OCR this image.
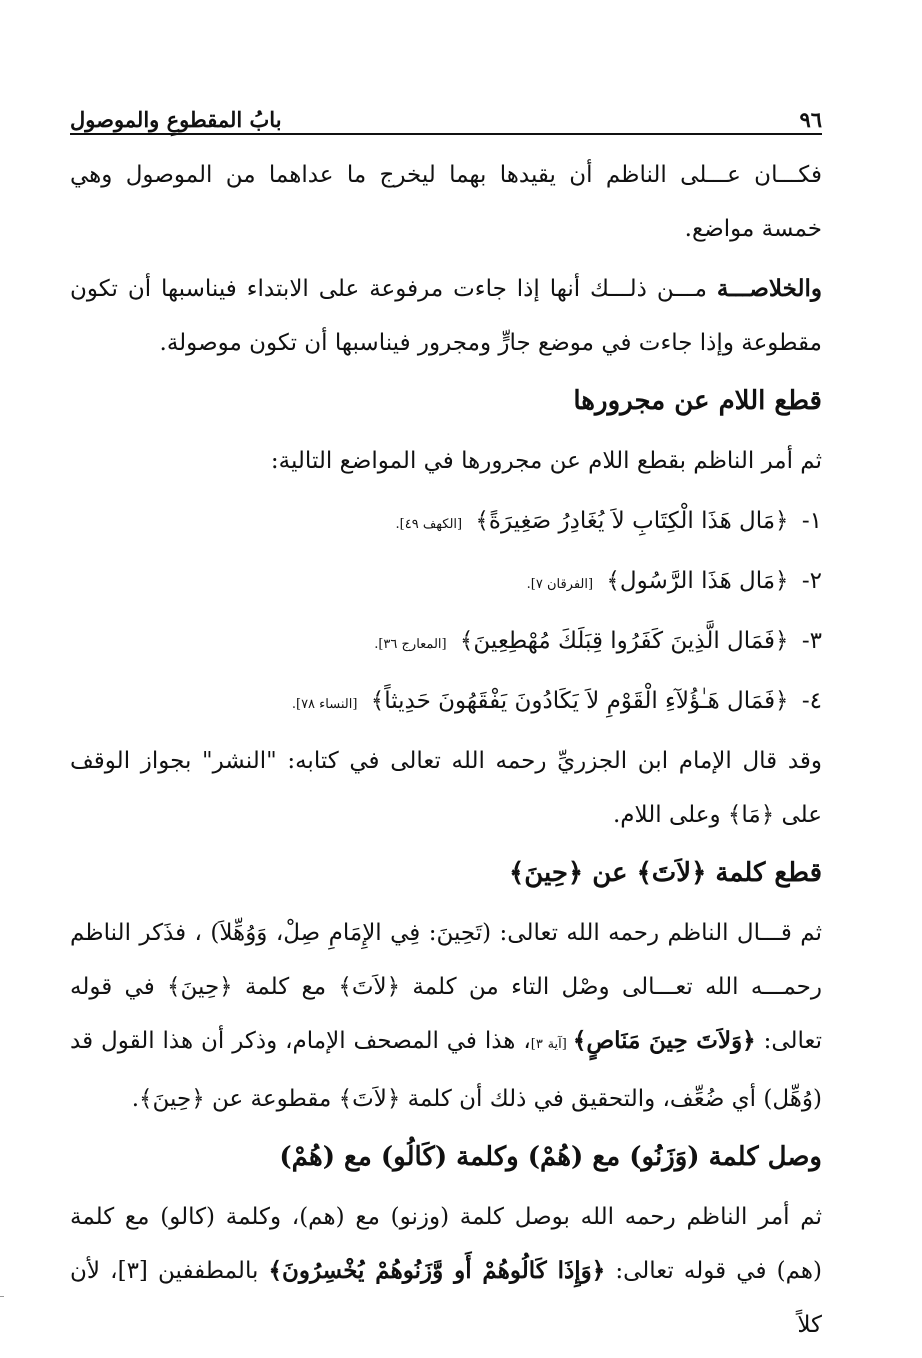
بابُ المقطوعِ والموصول	٩٦

فكـــان عـــلى الناظم أن يقيدها بهما ليخرج ما عداهما من الموصول وهي خمسة مواضع.

والخلاصـــة مـــن ذلـــك أنها إذا جاءت مرفوعة على الابتداء فيناسبها أن تكون مقطوعة وإذا جاءت في موضع جارٍّ ومجرور فيناسبها أن تكون موصولة.

قطع اللام عن مجرورها

ثم أمر الناظم بقطع اللام عن مجرورها في المواضع التالية:

١- ﴿مَال هَذَا الْكِتَابِ لاَ يُغَادِرُ صَغِيرَةً﴾ [الكهف ٤٩].
٢- ﴿مَال هَذَا الرَّسُول﴾ [الفرقان ٧].
٣- ﴿فَمَال الَّذِينَ كَفَرُوا قِبَلَكَ مُهْطِعِينَ﴾ [المعارج ٣٦].
٤- ﴿فَمَال هَـٰؤُلآءِ الْقَوْمِ لاَ يَكَادُونَ يَفْقَهُونَ حَدِيثاً﴾ [النساء ٧٨].

وقد قال الإمام ابن الجزريِّ رحمه الله تعالى في كتابه: "النشر" بجواز الوقف على ﴿مَا﴾ وعلى اللام.

قطع كلمة ﴿لاَتَ﴾ عن ﴿حِينَ﴾

ثم قـــال الناظم رحمه الله تعالى: (تَحِينَ: فِي الإِمَامِ صِلْ، وَوُهِّلاَ) ، فذَكر الناظم رحمـــه الله تعـــالى وصْل التاء من كلمة ﴿لاَتَ﴾ مع كلمة ﴿حِينَ﴾ في قوله تعالى: ﴿وَلاَتَ حِينَ مَنَاصٍ﴾[آية ٣]، هذا في المصحف الإمام، وذكر أن هذا القول قد (وُهِّل) أي ضُعِّف، والتحقيق في ذلك أن كلمة ﴿لاَتَ﴾ مقطوعة عن ﴿حِينَ﴾.

وصل كلمة (وَزَنُو) مع (هُمْ) وكلمة (كَالُو) مع (هُمْ)

ثم أمر الناظم رحمه الله بوصل كلمة (وزنو) مع (هم)، وكلمة (كالو) مع كلمة (هم) في قوله تعالى: ﴿وَإِذَا كَالُوهُمْ أَو وَّزَنُوهُمْ يُخْسِرُونَ﴾ بالمطففين [٣]، لأن كلاً
